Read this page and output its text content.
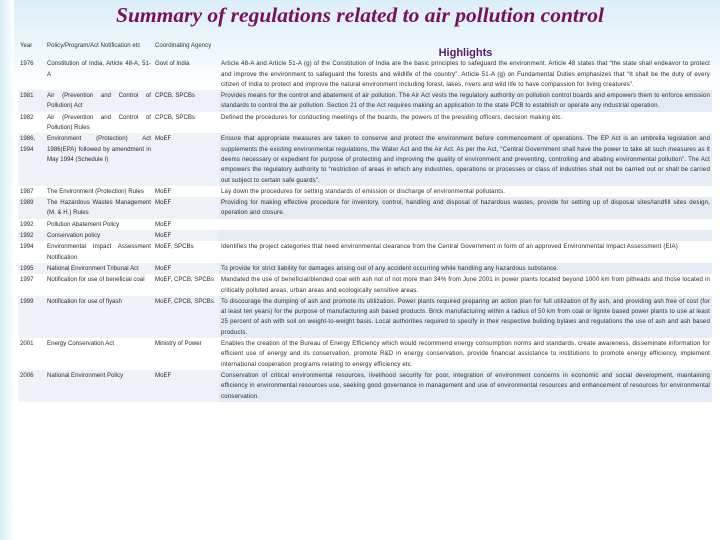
Summary of regulations related to air pollution control
Year	Policy/Program/Act Notification etc	Coordinating Agency	Highlights
1976	Constitution of India, Article 48-A, 51-A	Govt of India	Article 48-A and Article 51-A (g) of the Constitution of India are the basic principles to safeguard the environment. Article 48 states that “the state shall endeavor to protect and improve the environment to safeguard the forests and wildlife of the country”. Article 51-A (g) on Fundamental Duties emphasizes that “It shall be the duty of every citizen of India to protect and improve the natural environment including forest, lakes, rivers and wild life to have compassion for living creatures”.
1981	Air (Prevention and Control of Pollution) Act	CPCB, SPCBs	Provides means for the control and abatement of air pollution. The Air Act vests the regulatory authority on pollution control boards and empowers them to enforce emission standards to control the air pollution. Section 21 of the Act requires making an application to the state PCB to establish or operate any industrial operation.
1982	Air (Prevention and Control of Pollution) Rules	CPCB, SPCBs	Defined the procedures for conducting meetings of the boards, the powers of the presiding officers, decision making etc.
1986, 1994	Environment (Protection) Act 1986(EPA) followed by amendment in May 1994 (Schedule I)	MoEF	Ensure that appropriate measures are taken to conserve and protect the environment before commencement of operations. The EP Act is an umbrella legislation and supplements the existing environmental regulations, the Water Act and the Air Act. As per the Act, “Central Government shall have the power to take all such measures as it deems necessary or expedient for purpose of protecting and improving the quality of environment and preventing, controlling and abating environmental pollution”. The Act empowers the regulatory authority to “restriction of areas in which any industries, operations or processes or class of industries shall not be carried out or shall be carried out subject to certain safe guards”.
1987	The Environment (Protection) Rules	MoEF	Lay down the procedures for setting standards of emission or discharge of environmental pollutants.
1989	The Hazardous Wastes Management (M. & H.) Rules	MoEF	Providing for making effective procedure for inventory, control, handling and disposal of hazardous wastes, provide for setting up of disposal sites/landfill sites design, operation and closure.
1992	Pollution Abatement Policy	MoEF	
1992	Conservation policy	MoEF	
1994	Environmental Impact Assessment Notification	MoEF, SPCBs	Identifies the project categories that need environmental clearance from the Central Government in form of an approved Environmental Impact Assessment (EIA)
1995	National Environment Tribunal Act	MoEF	To provide for strict liability for damages arising out of any accident occurring while handling any hazardous substance.
1997	Notification for use of beneficial coal	MoEF, CPCB, SPCBs	Mandated the use of beneficial/blended coal with ash not of not more than 34% from June 2001 in power plants located beyond 1000 km from pitheads and those located in critically polluted areas, urban areas and ecologically sensitive areas.
1999	Notification for use of flyash	MoEF, CPCB, SPCBs	To discourage the dumping of ash and promote its utilization. Power plants required preparing an action plan for full utilization of fly ash, and providing ash free of cost (for at least ten years) for the purpose of manufacturing ash based products. Brick manufacturing within a radius of 50 km from coal or lignite based power plants to use at least 25 percent of ash with soil on weight-to-weight basis. Local authorities required to specify in their respective building bylaws and regulations the use of ash and ash based products.
2001	Energy Conservation Act	Ministry of Power	Enables the creation of the Bureau of Energy Efficiency which would recommend energy consumption norms and standards, create awareness, disseminate information for efficient use of energy and its conservation, promote R&D in energy conservation, provide financial assistance to institutions to promote energy efficiency, implement international cooperation programs relating to energy efficiency etc.
2006	National Environment Policy	MoEF	Conservation of critical environmental resources, livelihood security for poor, integration of environment concerns in economic and social development, maintaining efficiency in environmental resources use, seeking good governance in management and use of environmental resources and enhancement of resources for environmental conservation.
